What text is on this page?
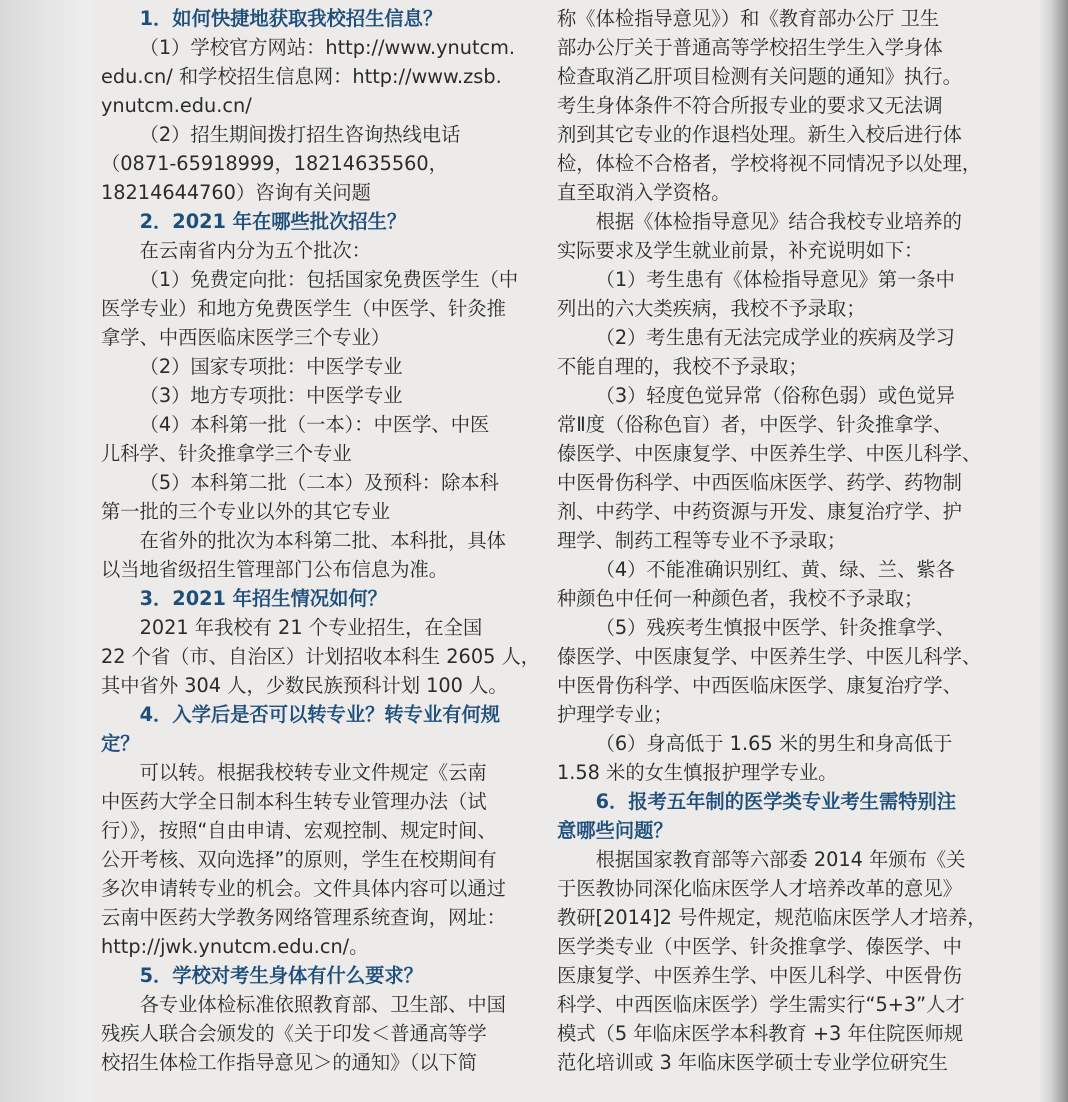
1．如何快捷地获取我校招生信息？
（1）学校官方网站：http://www.ynutcm.
edu.cn/ 和学校招生信息网：http://www.zsb.
ynutcm.edu.cn/
（2）招生期间拨打招生咨询热线电话
（0871-65918999，18214635560，
18214644760）咨询有关问题
2．2021 年在哪些批次招生？
在云南省内分为五个批次：
（1）免费定向批：包括国家免费医学生（中
医学专业）和地方免费医学生（中医学、针灸推
拿学、中西医临床医学三个专业）
（2）国家专项批：中医学专业
（3）地方专项批：中医学专业
（4）本科第一批（一本）：中医学、中医
儿科学、针灸推拿学三个专业
（5）本科第二批（二本）及预科：除本科
第一批的三个专业以外的其它专业
在省外的批次为本科第二批、本科批，具体
以当地省级招生管理部门公布信息为准。
3．2021 年招生情况如何？
2021 年我校有 21 个专业招生，在全国
22 个省（市、自治区）计划招收本科生 2605 人，
其中省外 304 人，少数民族预科计划 100 人。
4．入学后是否可以转专业？转专业有何规
定？
可以转。根据我校转专业文件规定《云南
中医药大学全日制本科生转专业管理办法（试
行）》，按照“自由申请、宏观控制、规定时间、
公开考核、双向选择”的原则，学生在校期间有
多次申请转专业的机会。文件具体内容可以通过
云南中医药大学教务网络管理系统查询，网址：
http://jwk.ynutcm.edu.cn/。
5．学校对考生身体有什么要求？
各专业体检标准依照教育部、卫生部、中国
残疾人联合会颁发的《关于印发＜普通高等学
校招生体检工作指导意见＞的通知》（以下简
称《体检指导意见》）和《教育部办公厅 卫生
部办公厅关于普通高等学校招生学生入学身体
检查取消乙肝项目检测有关问题的通知》执行。
考生身体条件不符合所报专业的要求又无法调
剂到其它专业的作退档处理。新生入校后进行体
检，体检不合格者，学校将视不同情况予以处理，
直至取消入学资格。
根据《体检指导意见》结合我校专业培养的
实际要求及学生就业前景，补充说明如下：
（1）考生患有《体检指导意见》第一条中
列出的六大类疾病，我校不予录取；
（2）考生患有无法完成学业的疾病及学习
不能自理的，我校不予录取；
（3）轻度色觉异常（俗称色弱）或色觉异
常Ⅱ度（俗称色盲）者，中医学、针灸推拿学、
傣医学、中医康复学、中医养生学、中医儿科学、
中医骨伤科学、中西医临床医学、药学、药物制
剂、中药学、中药资源与开发、康复治疗学、护
理学、制药工程等专业不予录取；
（4）不能准确识别红、黄、绿、兰、紫各
种颜色中任何一种颜色者，我校不予录取；
（5）残疾考生慎报中医学、针灸推拿学、
傣医学、中医康复学、中医养生学、中医儿科学、
中医骨伤科学、中西医临床医学、康复治疗学、
护理学专业；
（6）身高低于 1.65 米的男生和身高低于
1.58 米的女生慎报护理学专业。
6．报考五年制的医学类专业考生需特别注
意哪些问题？
根据国家教育部等六部委 2014 年颁布《关
于医教协同深化临床医学人才培养改革的意见》
教研[2014]2 号件规定，规范临床医学人才培养，
医学类专业（中医学、针灸推拿学、傣医学、中
医康复学、中医养生学、中医儿科学、中医骨伤
科学、中西医临床医学）学生需实行“5+3”人才
模式（5 年临床医学本科教育 +3 年住院医师规
范化培训或 3 年临床医学硕士专业学位研究生
